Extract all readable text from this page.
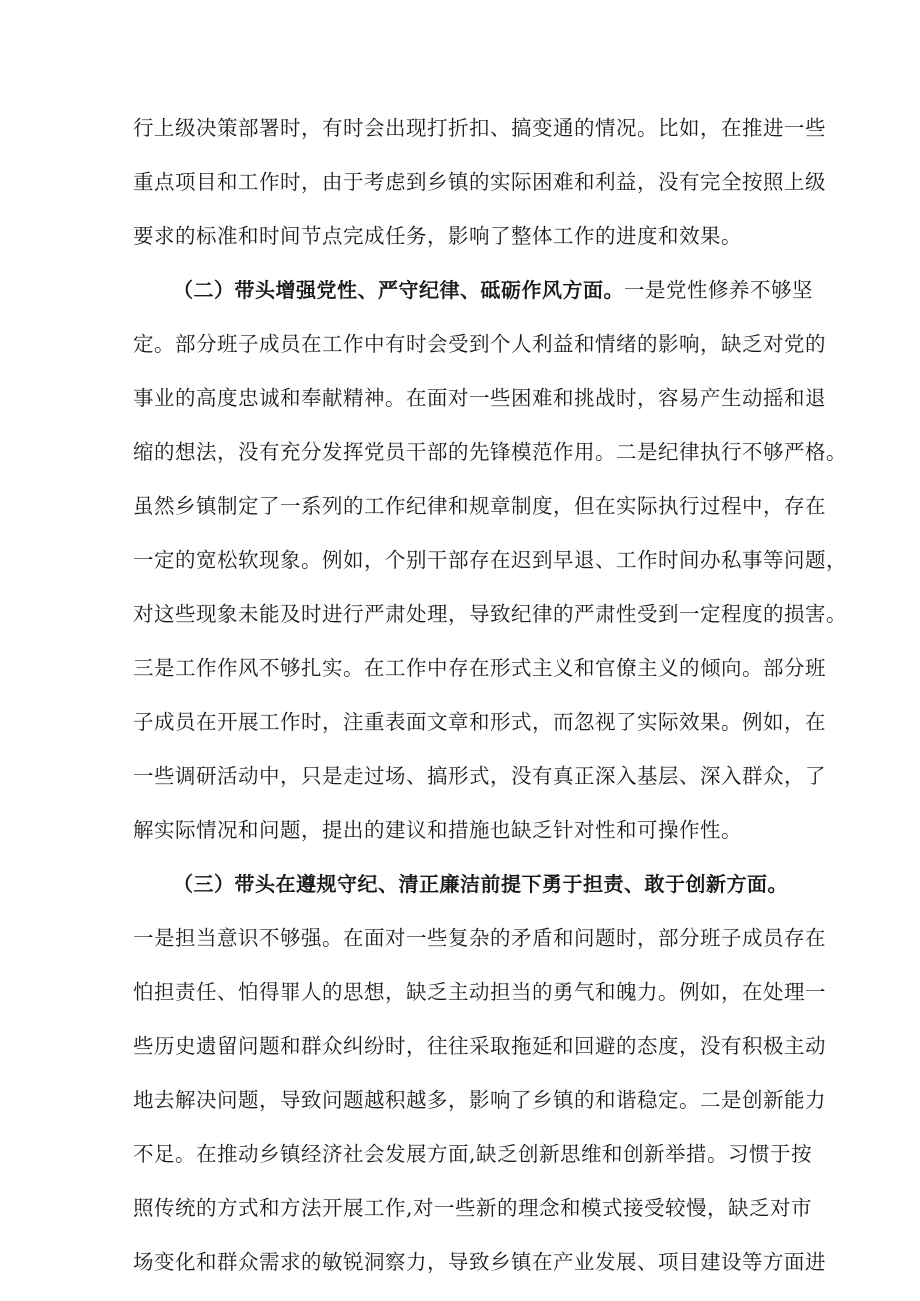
行上级决策部署时，有时会出现打折扣、搞变通的情况。比如，在推进一些
重点项目和工作时，由于考虑到乡镇的实际困难和利益，没有完全按照上级
要求的标准和时间节点完成任务，影响了整体工作的进度和效果。
（二）带头增强党性、严守纪律、砥砺作风方面。一是党性修养不够坚
定。部分班子成员在工作中有时会受到个人利益和情绪的影响，缺乏对党的
事业的高度忠诚和奉献精神。在面对一些困难和挑战时，容易产生动摇和退
缩的想法，没有充分发挥党员干部的先锋模范作用。二是纪律执行不够严格。
虽然乡镇制定了一系列的工作纪律和规章制度，但在实际执行过程中，存在
一定的宽松软现象。例如，个别干部存在迟到早退、工作时间办私事等问题，
对这些现象未能及时进行严肃处理，导致纪律的严肃性受到一定程度的损害。
三是工作作风不够扎实。在工作中存在形式主义和官僚主义的倾向。部分班
子成员在开展工作时，注重表面文章和形式，而忽视了实际效果。例如，在
一些调研活动中，只是走过场、搞形式，没有真正深入基层、深入群众，了
解实际情况和问题，提出的建议和措施也缺乏针对性和可操作性。
（三）带头在遵规守纪、清正廉洁前提下勇于担责、敢于创新方面。
一是担当意识不够强。在面对一些复杂的矛盾和问题时，部分班子成员存在
怕担责任、怕得罪人的思想，缺乏主动担当的勇气和魄力。例如，在处理一
些历史遗留问题和群众纠纷时，往往采取拖延和回避的态度，没有积极主动
地去解决问题，导致问题越积越多，影响了乡镇的和谐稳定。二是创新能力
不足。在推动乡镇经济社会发展方面,缺乏创新思维和创新举措。习惯于按
照传统的方式和方法开展工作,对一些新的理念和模式接受较慢，缺乏对市
场变化和群众需求的敏锐洞察力，导致乡镇在产业发展、项目建设等方面进
